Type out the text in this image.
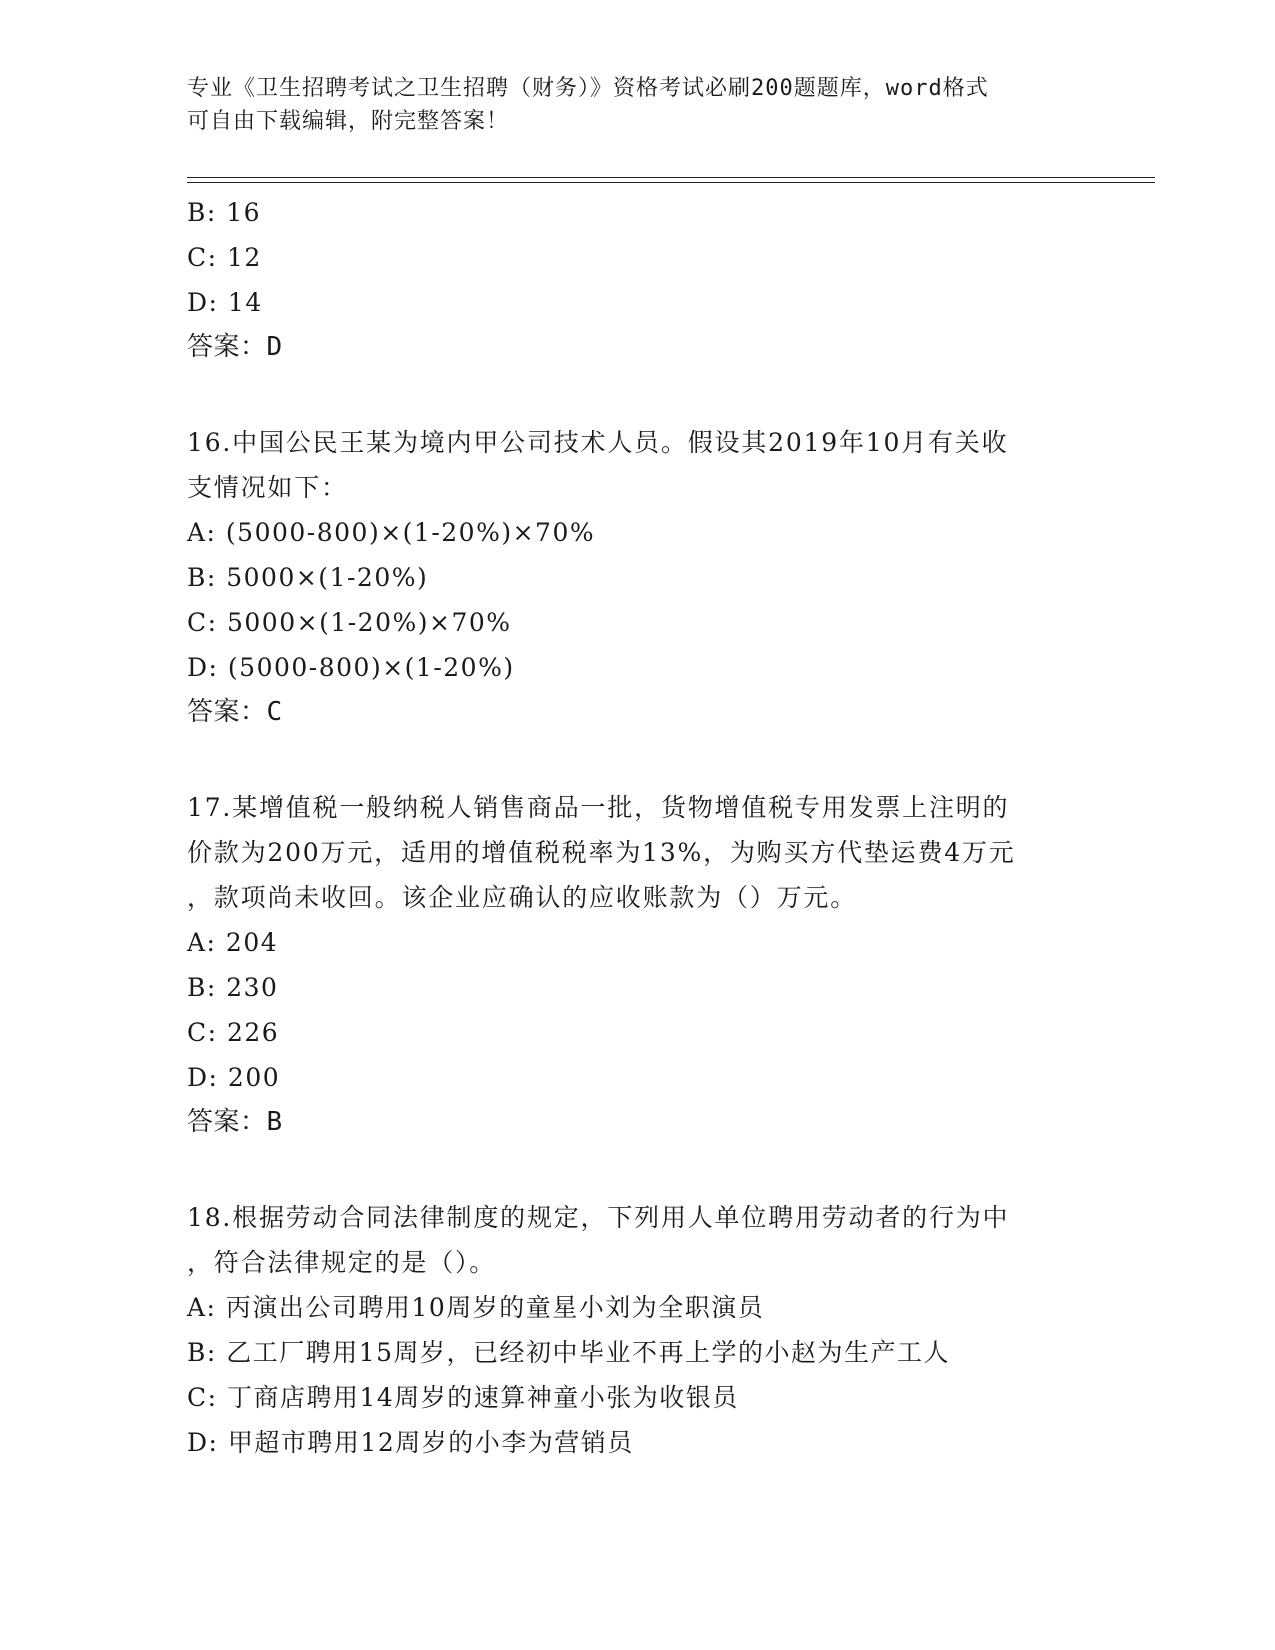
专业《卫生招聘考试之卫生招聘（财务）》资格考试必刷200题题库，word格式
可自由下载编辑，附完整答案！
B: 16
C: 12
D: 14
答案：D
16.中国公民王某为境内甲公司技术人员。假设其2019年10月有关收
支情况如下：
A: (5000-800)×(1-20%)×70%
B: 5000×(1-20%)
C: 5000×(1-20%)×70%
D: (5000-800)×(1-20%)
答案：C
17.某增值税一般纳税人销售商品一批，货物增值税专用发票上注明的
价款为200万元，适用的增值税税率为13%，为购买方代垫运费4万元
，款项尚未收回。该企业应确认的应收账款为（）万元。
A: 204
B: 230
C: 226
D: 200
答案：B
18.根据劳动合同法律制度的规定，下列用人单位聘用劳动者的行为中
，符合法律规定的是（）。
A: 丙演出公司聘用10周岁的童星小刘为全职演员
B: 乙工厂聘用15周岁，已经初中毕业不再上学的小赵为生产工人
C: 丁商店聘用14周岁的速算神童小张为收银员
D: 甲超市聘用12周岁的小李为营销员
